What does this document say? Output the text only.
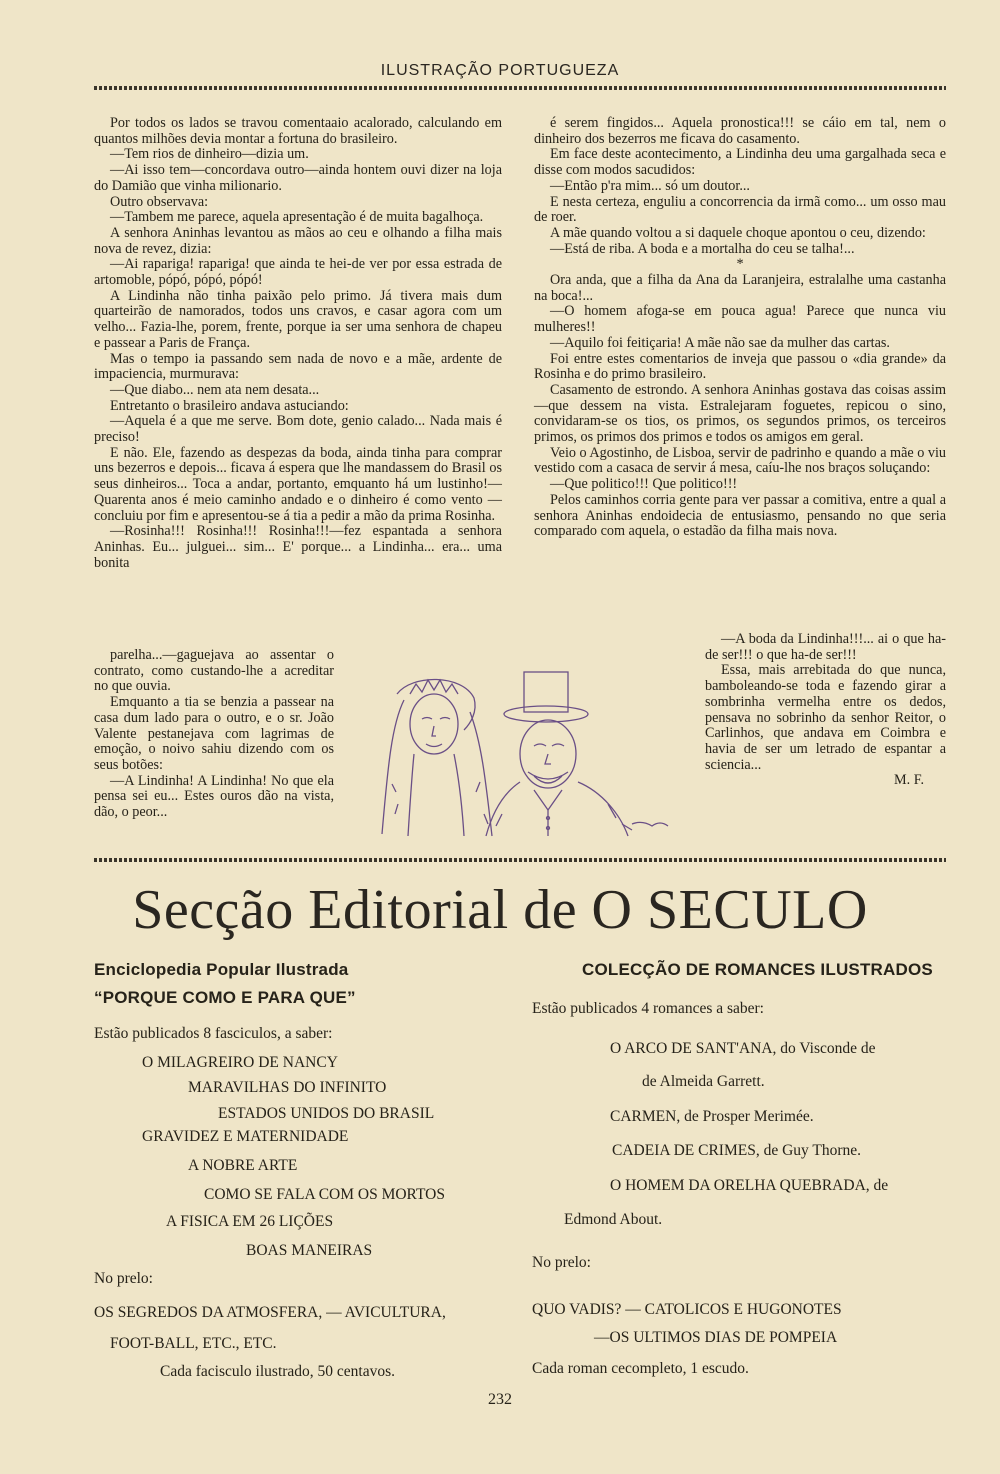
ILUSTRAÇÃO PORTUGUEZA

Por todos os lados se travou comentaaio acalorado, calculando em quantos milhões devia montar a fortuna do brasileiro.

—Tem rios de dinheiro—dizia um.

—Ai isso tem—concordava outro—ainda hontem ouvi dizer na loja do Damião que vinha milionario.

Outro observava:

—Tambem me parece, aquela apresentação é de muita bagalhoça.

A senhora Aninhas levantou as mãos ao ceu e olhando a filha mais nova de revez, dizia:

—Ai rapariga! rapariga! que ainda te hei-de ver por essa estrada de artomoble, pópó, pópó, pópó!

A Lindinha não tinha paixão pelo primo. Já tivera mais dum quarteirão de namorados, todos uns cravos, e casar agora com um velho... Fazia-lhe, porem, frente, porque ia ser uma senhora de chapeu e passear a Paris de França.

Mas o tempo ia passando sem nada de novo e a mãe, ardente de impaciencia, murmurava:

—Que diabo... nem ata nem desata...

Entretanto o brasileiro andava astuciando:

—Aquela é a que me serve. Bom dote, genio calado... Nada mais é preciso!

E não. Ele, fazendo as despezas da boda, ainda tinha para comprar uns bezerros e depois... ficava á espera que lhe mandassem do Brasil os seus dinheiros... Toca a andar, portanto, emquanto há um lustinho!—Quarenta anos é meio caminho andado e o dinheiro é como vento — concluiu por fim e apresentou-se á tia a pedir a mão da prima Rosinha.

—Rosinha!!! Rosinha!!! Rosinha!!!—fez espantada a senhora Aninhas. Eu... julguei... sim... E' porque... a Lindinha... era... uma bonita

parelha...—gaguejava ao assentar o contrato, como custando-lhe a acreditar no que ouvia.

Emquanto a tia se benzia a passear na casa dum lado para o outro, e o sr. João Valente pestanejava com lagrimas de emoção, o noivo sahiu dizendo com os seus botões:

—A Lindinha! A Lindinha! No que ela pensa sei eu... Estes ouros dão na vista, dão, o peor...

é serem fingidos... Aquela pronostica!!! se cáio em tal, nem o dinheiro dos bezerros me ficava do casamento.

Em face deste acontecimento, a Lindinha deu uma gargalhada seca e disse com modos sacudidos:

—Então p'ra mim... só um doutor...

E nesta certeza, enguliu a concorrencia da irmã como... um osso mau de roer.

A mãe quando voltou a si daquele choque apontou o ceu, dizendo:

—Está de riba. A boda e a mortalha do ceu se talha!...

*

Ora anda, que a filha da Ana da Laranjeira, estralalhe uma castanha na boca!...

—O homem afoga-se em pouca agua! Parece que nunca viu mulheres!!

—Aquilo foi feitiçaria! A mãe não sae da mulher das cartas.

Foi entre estes comentarios de inveja que passou o «dia grande» da Rosinha e do primo brasileiro.

Casamento de estrondo. A senhora Aninhas gostava das coisas assim—que dessem na vista. Estralejaram foguetes, repicou o sino, convidaram-se os tios, os primos, os segundos primos, os terceiros primos, os primos dos primos e todos os amigos em geral.

Veio o Agostinho, de Lisboa, servir de padrinho e quando a mãe o viu vestido com a casaca de servir á mesa, caíu-lhe nos braços soluçando:

—Que politico!!! Que politico!!!

Pelos caminhos corria gente para ver passar a comitiva, entre a qual a senhora Aninhas endoidecia de entusiasmo, pensando no que seria comparado com aquela, o estadão da filha mais nova.

—A boda da Lindinha!!!... ai o que ha-de ser!!! o que ha-de ser!!!

Essa, mais arrebitada do que nunca, bamboleando-se toda e fazendo girar a sombrinha vermelha entre os dedos, pensava no sobrinho da senhor Reitor, o Carlinhos, que andava em Coimbra e havia de ser um letrado de espantar a sciencia...

M. F.

Secção Editorial de O SECULO
Enciclopedia Popular Ilustrada
“PORQUE COMO E PARA QUE”
Estão publicados 8 fasciculos, a saber:
O MILAGREIRO DE NANCY
MARAVILHAS DO INFINITO
ESTADOS UNIDOS DO BRASIL
GRAVIDEZ E MATERNIDADE
A NOBRE ARTE
COMO SE FALA COM OS MORTOS
A FISICA EM 26 LIÇÕES
BOAS MANEIRAS
No prelo:
OS SEGREDOS DA ATMOSFERA, — AVICULTURA,
FOOT-BALL, ETC., ETC.
Cada facisculo ilustrado, 50 centavos.
COLECÇÃO DE ROMANCES ILUSTRADOS
Estão publicados 4 romances a saber:
O ARCO DE SANT'ANA, do Visconde de
de Almeida Garrett.
CARMEN, de Prosper Merimée.
CADEIA DE CRIMES, de Guy Thorne.
O HOMEM DA ORELHA QUEBRADA, de
Edmond About.
No prelo:
QUO VADIS? — CATOLICOS E HUGONOTES
—OS ULTIMOS DIAS DE POMPEIA
Cada roman cecompleto, 1 escudo.
232
